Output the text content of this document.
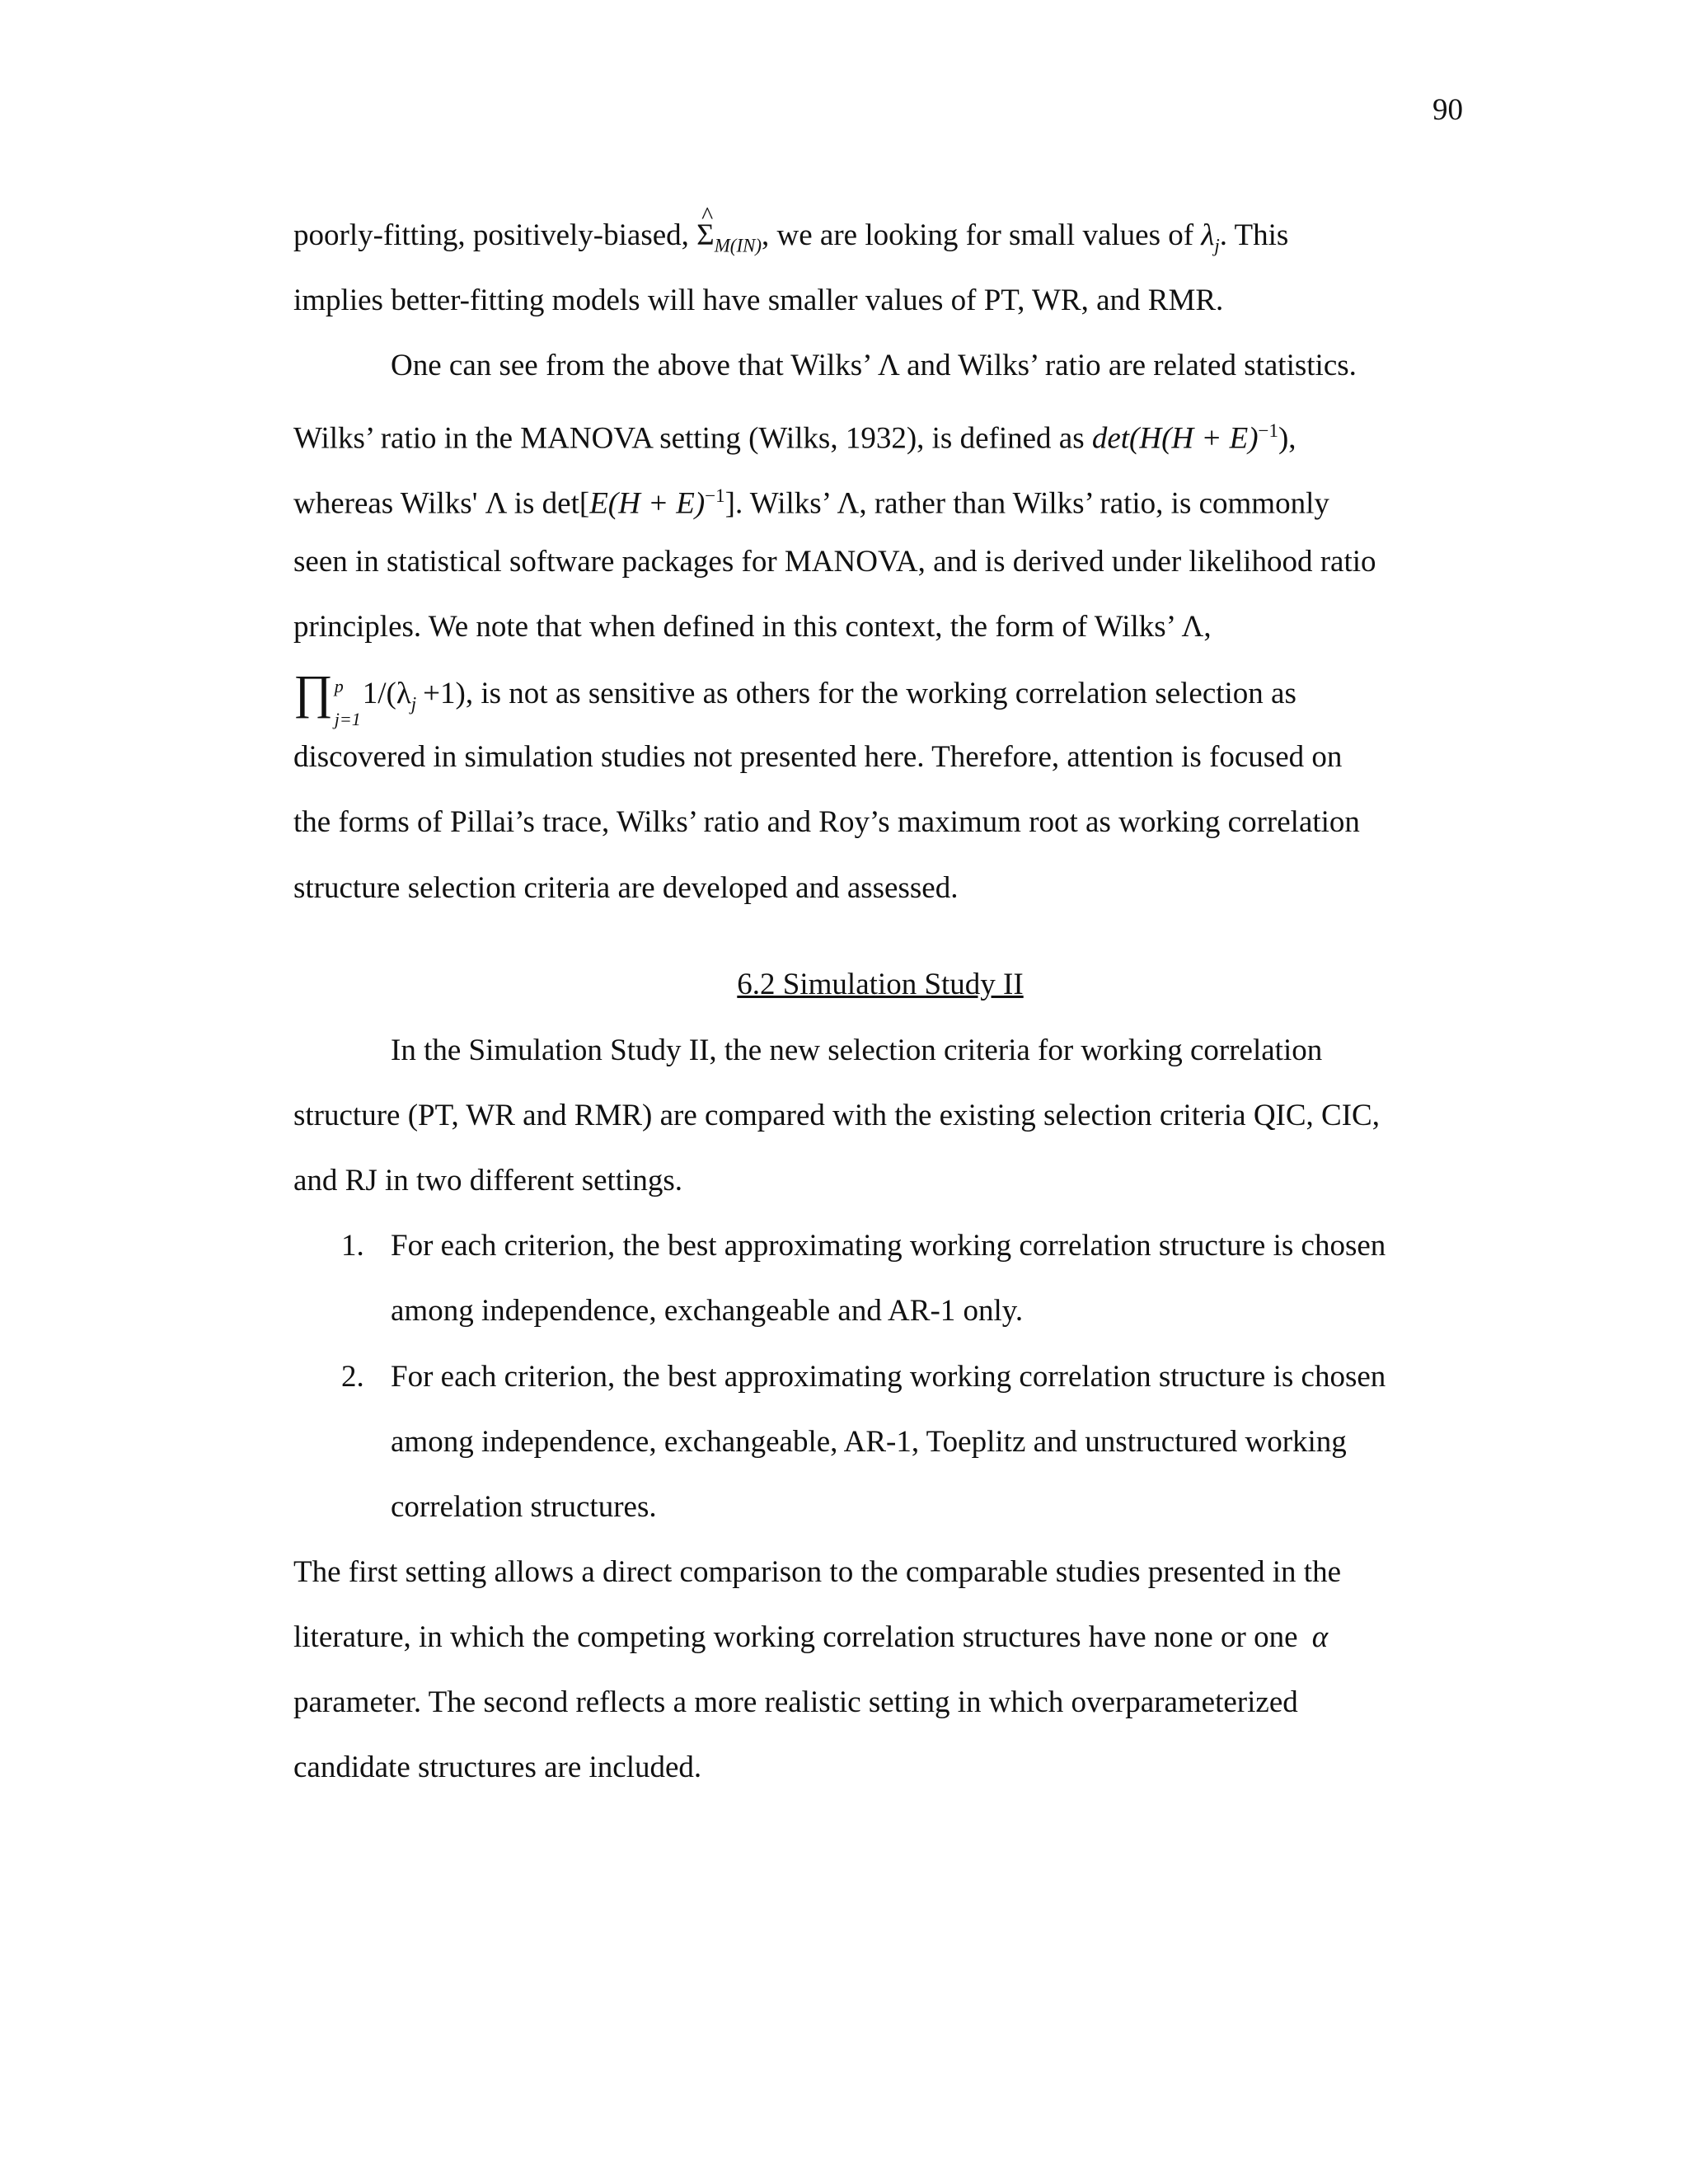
90
poorly-fitting, positively-biased, ^ $\Sigma_{M(IN)}$, we are looking for small values of $\lambda_j$. This
implies better-fitting models will have smaller values of PT, WR, and RMR.
One can see from the above that Wilks’ Λ and Wilks’ ratio are related statistics.
Wilks’ ratio in the MANOVA setting (Wilks, 1932), is defined as $\det(H(H + E)^{-1})$,
whereas Wilks' Λ is $\det[E(H + E)^{-1}]$. Wilks’ Λ, rather than Wilks’ ratio, is commonly
seen in statistical software packages for MANOVA, and is derived under likelihood ratio
principles. We note that when defined in this context, the form of Wilks’ Λ,
∏ p
j=1
$1/(\lambda_j +1)$, is not as sensitive as others for the working correlation selection as
discovered in simulation studies not presented here. Therefore, attention is focused on
the forms of Pillai’s trace, Wilks’ ratio and Roy’s maximum root as working correlation
structure selection criteria are developed and assessed.
6.2 Simulation Study II
In the Simulation Study II, the new selection criteria for working correlation
structure (PT, WR and RMR) are compared with the existing selection criteria QIC, CIC,
and RJ in two different settings.
1. For each criterion, the best approximating working correlation structure is chosen
among independence, exchangeable and AR-1 only.
2. For each criterion, the best approximating working correlation structure is chosen
among independence, exchangeable, AR-1, Toeplitz and unstructured working
correlation structures.
The first setting allows a direct comparison to the comparable studies presented in the
literature, in which the competing working correlation structures have none or one α
parameter. The second reflects a more realistic setting in which overparameterized
candidate structures are included.
